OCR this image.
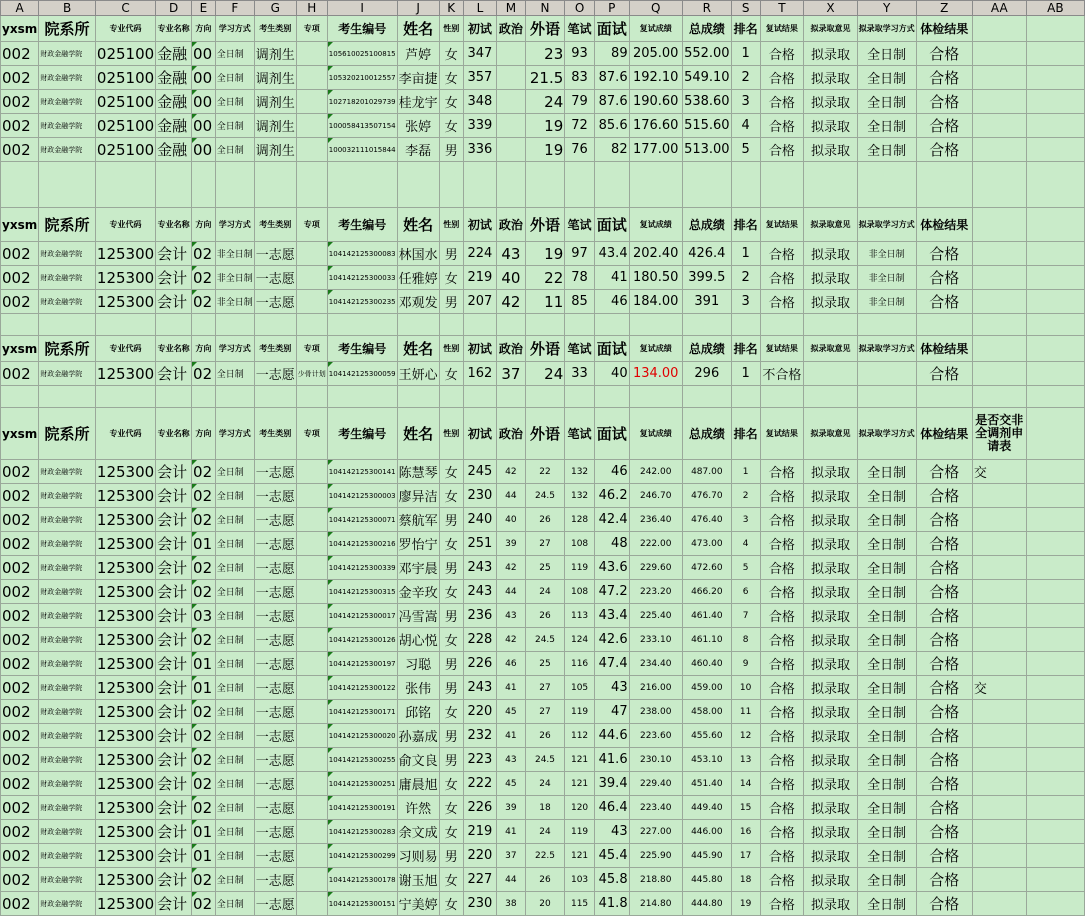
A	B	C	D	E	F	G	H	I	J	K	L	M	N	O	P	Q	R	S	T	X	Y	Z	AA	AB
yxsm	院系所	专业代码	专业名称	方向	学习方式	考生类别	专项	考生编号	姓名	性别	初试	政治	外语	笔试	面试	复试成绩	总成绩	排名	复试结果	拟录取意见	拟录取学习方式	体检结果		
002	财政金融学院	025100	金融	00	全日制	调剂生		105610025100815	芦婷	女	347		23	93	89	205.00	552.00	1	合格	拟录取	全日制	合格		
002	财政金融学院	025100	金融	00	全日制	调剂生		105320210012557	李亩捷	女	357		21.5	83	87.6	192.10	549.10	2	合格	拟录取	全日制	合格		
002	财政金融学院	025100	金融	00	全日制	调剂生		102718201029739	桂龙宇	女	348		24	79	87.6	190.60	538.60	3	合格	拟录取	全日制	合格		
002	财政金融学院	025100	金融	00	全日制	调剂生		100058413507154	张婷	女	339		19	72	85.6	176.60	515.60	4	合格	拟录取	全日制	合格		
002	财政金融学院	025100	金融	00	全日制	调剂生		100032111015844	李磊	男	336		19	76	82	177.00	513.00	5	合格	拟录取	全日制	合格		

yxsm	院系所	专业代码	专业名称	方向	学习方式	考生类别	专项	考生编号	姓名	性别	初试	政治	外语	笔试	面试	复试成绩	总成绩	排名	复试结果	拟录取意见	拟录取学习方式	体检结果		
002	财政金融学院	125300	会计	02	非全日制	一志愿		104142125300083	林国水	男	224	43	19	97	43.4	202.40	426.4	1	合格	拟录取	非全日制	合格		
002	财政金融学院	125300	会计	02	非全日制	一志愿		104142125300033	任雅婷	女	219	40	22	78	41	180.50	399.5	2	合格	拟录取	非全日制	合格		
002	财政金融学院	125300	会计	02	非全日制	一志愿		104142125300235	邓观发	男	207	42	11	85	46	184.00	391	3	合格	拟录取	非全日制	合格		

yxsm	院系所	专业代码	专业名称	方向	学习方式	考生类别	专项	考生编号	姓名	性别	初试	政治	外语	笔试	面试	复试成绩	总成绩	排名	复试结果	拟录取意见	拟录取学习方式	体检结果		
002	财政金融学院	125300	会计	02	全日制	一志愿	少骨计划	104142125300059	王妍心	女	162	37	24	33	40	134.00	296	1	不合格			合格		

yxsm	院系所	专业代码	专业名称	方向	学习方式	考生类别	专项	考生编号	姓名	性别	初试	政治	外语	笔试	面试	复试成绩	总成绩	排名	复试结果	拟录取意见	拟录取学习方式	体检结果	是否交非全调剂申请表	
002	财政金融学院	125300	会计	02	全日制	一志愿		104142125300141	陈慧琴	女	245	42	22	132	46	242.00	487.00	1	合格	拟录取	全日制	合格	交	
002	财政金融学院	125300	会计	02	全日制	一志愿		104142125300003	廖异洁	女	230	44	24.5	132	46.2	246.70	476.70	2	合格	拟录取	全日制	合格		
002	财政金融学院	125300	会计	02	全日制	一志愿		104142125300071	蔡航军	男	240	40	26	128	42.4	236.40	476.40	3	合格	拟录取	全日制	合格		
002	财政金融学院	125300	会计	01	全日制	一志愿		104142125300216	罗怡宁	女	251	39	27	108	48	222.00	473.00	4	合格	拟录取	全日制	合格		
002	财政金融学院	125300	会计	02	全日制	一志愿		104142125300339	邓宇晨	男	243	42	25	119	43.6	229.60	472.60	5	合格	拟录取	全日制	合格		
002	财政金融学院	125300	会计	02	全日制	一志愿		104142125300315	金辛玫	女	243	44	24	108	47.2	223.20	466.20	6	合格	拟录取	全日制	合格		
002	财政金融学院	125300	会计	03	全日制	一志愿		104142125300017	冯雪嵩	男	236	43	26	113	43.4	225.40	461.40	7	合格	拟录取	全日制	合格		
002	财政金融学院	125300	会计	02	全日制	一志愿		104142125300126	胡心悦	女	228	42	24.5	124	42.6	233.10	461.10	8	合格	拟录取	全日制	合格		
002	财政金融学院	125300	会计	01	全日制	一志愿		104142125300197	习聪	男	226	46	25	116	47.4	234.40	460.40	9	合格	拟录取	全日制	合格		
002	财政金融学院	125300	会计	01	全日制	一志愿		104142125300122	张伟	男	243	41	27	105	43	216.00	459.00	10	合格	拟录取	全日制	合格	交	
002	财政金融学院	125300	会计	02	全日制	一志愿		104142125300171	邱铭	女	220	45	27	119	47	238.00	458.00	11	合格	拟录取	全日制	合格		
002	财政金融学院	125300	会计	02	全日制	一志愿		104142125300020	孙嘉成	男	232	41	26	112	44.6	223.60	455.60	12	合格	拟录取	全日制	合格		
002	财政金融学院	125300	会计	02	全日制	一志愿		104142125300255	俞文良	男	223	43	24.5	121	41.6	230.10	453.10	13	合格	拟录取	全日制	合格		
002	财政金融学院	125300	会计	02	全日制	一志愿		104142125300251	庸晨旭	女	222	45	24	121	39.4	229.40	451.40	14	合格	拟录取	全日制	合格		
002	财政金融学院	125300	会计	02	全日制	一志愿		104142125300191	许然	女	226	39	18	120	46.4	223.40	449.40	15	合格	拟录取	全日制	合格		
002	财政金融学院	125300	会计	01	全日制	一志愿		104142125300283	余文成	女	219	41	24	119	43	227.00	446.00	16	合格	拟录取	全日制	合格		
002	财政金融学院	125300	会计	01	全日制	一志愿		104142125300299	习则易	男	220	37	22.5	121	45.4	225.90	445.90	17	合格	拟录取	全日制	合格		
002	财政金融学院	125300	会计	02	全日制	一志愿		104142125300178	谢玉旭	女	227	44	26	103	45.8	218.80	445.80	18	合格	拟录取	全日制	合格		
002	财政金融学院	125300	会计	02	全日制	一志愿		104142125300151	宁美婷	女	230	38	20	115	41.8	214.80	444.80	19	合格	拟录取	全日制	合格		
